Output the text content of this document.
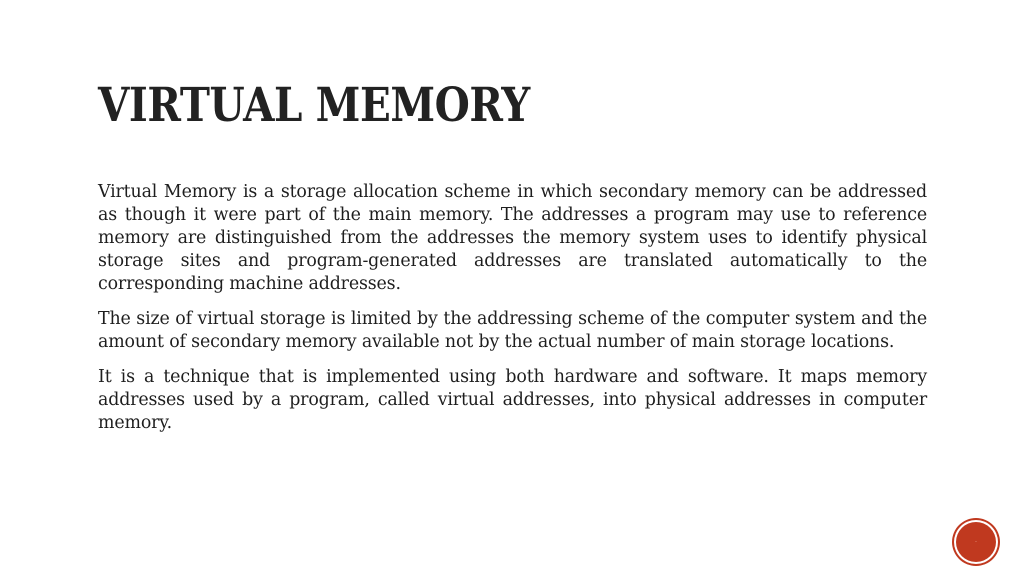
VIRTUAL MEMORY

Virtual Memory is a storage allocation scheme in which secondary memory can be addressed as though it were part of the main memory. The addresses a program may use to reference memory are distinguished from the addresses the memory system uses to identify physical storage sites and program-generated addresses are translated automatically to the corresponding machine addresses.

The size of virtual storage is limited by the addressing scheme of the computer system and the amount of secondary memory available not by the actual number of main storage locations.

It is a technique that is implemented using both hardware and software. It maps memory addresses used by a program, called virtual addresses, into physical addresses in computer memory.

·
